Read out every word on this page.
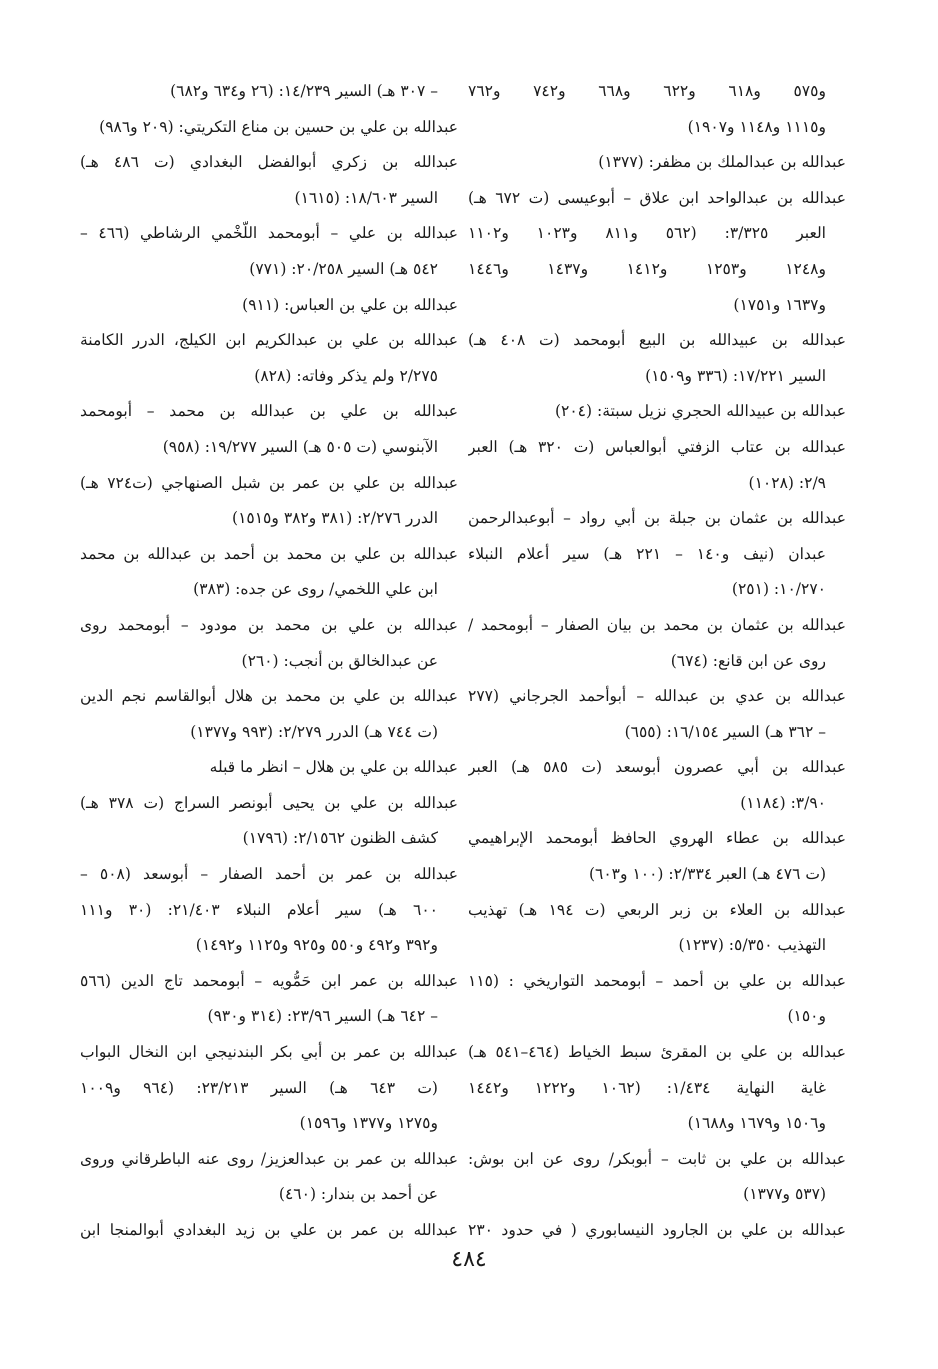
و٥٧٥ و٦١٨ و٦٢٢ و٦٦٨ و٧٤٢ و٧٦٢
و١١١٥ و١١٤٨ و١٩٠٧)
عبدالله بن عبدالملك بن مظفر: (١٣٧٧)
عبدالله بن عبدالواحد ابن علاق – أبوعيسى (ت ٦٧٢ هـ)
العبر ٣/٣٢٥: (٥٦٢ و٨١١ و١٠٢٣ و١١٠٢
و١٢٤٨ و١٢٥٣ و١٤١٢ و١٤٣٧ و١٤٤٦
و١٦٣٧ و١٧٥١)
عبدالله بن عبيدالله بن البيع أبومحمد (ت ٤٠٨ هـ)
السير ١٧/٢٢١: (٣٣٦ و١٥٠٩)
عبدالله بن عبيدالله الحجري نزيل سبتة: (٢٠٤)
عبدالله بن عتاب الزفتي أبوالعباس (ت ٣٢٠ هـ) العبر
٢/٩: (١٠٢٨)
عبدالله بن عثمان بن جبلة بن أبي رواد – أبوعبدالرحمن
عبدان (نيف و١٤٠ – ٢٢١ هـ) سير أعلام النبلاء
١٠/٢٧٠: (٢٥١)
عبدالله بن عثمان بن محمد بن بيان الصفار – أبومحمد /
روى عن ابن قانع: (٦٧٤)
عبدالله بن عدي بن عبدالله – أبوأحمد الجرجاني (٢٧٧
– ٣٦٢ هـ) السير ١٦/١٥٤: (٦٥٥)
عبدالله بن أبي عصرون أبوسعد (ت ٥٨٥ هـ) العبر
٣/٩٠: (١١٨٤)
عبدالله بن عطاء الهروي الحافظ أبومحمد الإبراهيمي
(ت ٤٧٦ هـ) العبر ٢/٣٣٤: (١٠٠ و٦٠٣)
عبدالله بن العلاء بن زبر الربعي (ت ١٩٤ هـ) تهذيب
التهذيب ٥/٣٥٠: (١٢٣٧)
عبدالله بن علي بن أحمد – أبومحمد التواريخي : (١١٥
و١٥٠)
عبدالله بن علي بن المقرئ سبط الخياط (٤٦٤–٥٤١ هـ)
غاية النهاية ١/٤٣٤: (١٠٦٢ و١٢٢٢ و١٤٤٢
و١٥٠٦ و١٦٧٩ و١٦٨٨)
عبدالله بن علي بن ثابت – أبوبكر/ روى عن ابن بوش:
(٥٣٧ و١٣٧٧)
عبدالله بن علي بن الجارود النيسابوري ( في حدود ٢٣٠
– ٣٠٧ هـ) السير ١٤/٢٣٩: (٢٦ و٦٣٤ و٦٨٢)
عبدالله بن علي بن حسين بن مناع التكريتي: (٢٠٩ و٩٨٦)
عبدالله بن زكري أبوالفضل البغدادي (ت ٤٨٦ هـ)
السير ١٨/٦٠٣: (١٦١٥)
عبدالله بن علي – أبومحمد اللّخْمي الرشاطي (٤٦٦ –
٥٤٢ هـ) السير ٢٠/٢٥٨: (٧٧١)
عبدالله بن علي بن العباس: (٩١١)
عبدالله بن علي بن عبدالكريم ابن الكيلج، الدرر الكامنة
٢/٢٧٥ ولم يذكر وفاته: (٨٢٨)
عبدالله بن علي بن عبدالله بن محمد – أبومحمد
الآبنوسي (ت ٥٠٥ هـ) السير ١٩/٢٧٧: (٩٥٨)
عبدالله بن علي بن عمر بن شبل الصنهاجي (ت٧٢٤ هـ)
الدرر ٢/٢٧٦: (٣٨١ و٣٨٢ و١٥١٥)
عبدالله بن علي بن محمد بن أحمد بن عبدالله بن محمد
ابن علي اللخمي/ روى عن جده: (٣٨٣)
عبدالله بن علي بن محمد بن مودود – أبومحمد روى
عن عبدالخالق بن أنجب: (٢٦٠)
عبدالله بن علي بن محمد بن هلال أبوالقاسم نجم الدين
(ت ٧٤٤ هـ) الدرر ٢/٢٧٩: (٩٩٣ و١٣٧٧)
عبدالله بن علي بن هلال – انظر ما قبله
عبدالله بن علي بن يحيى أبونصر السراج (ت ٣٧٨ هـ)
كشف الظنون ٢/١٥٦٢: (١٧٩٦)
عبدالله بن عمر بن أحمد الصفار – أبوسعد (٥٠٨ –
٦٠٠ هـ) سير أعلام النبلاء ٢١/٤٠٣: (٣٠ و١١١
و٣٩٢ و٤٩٢ و٥٥٠ و٩٢٥ و١١٢٥ و١٤٩٢)
عبدالله بن عمر ابن حَمُّويه – أبومحمد تاج الدين (٥٦٦
– ٦٤٢ هـ) السير ٢٣/٩٦: (٣١٤ و٩٣٠)
عبدالله بن عمر بن أبي بكر البندنيجي ابن النخال البواب
(ت ٦٤٣ هـ) السير ٢٣/٢١٣: (٩٦٤ و١٠٠٩
و١٢٧٥ و١٣٧٧ و١٥٩٦)
عبدالله بن عمر بن عبدالعزيز/ روى عنه الباطرقاني وروى
عن أحمد بن بندار: (٤٦٠)
عبدالله بن عمر بن علي بن زيد البغدادي أبوالمنجا ابن
٤٨٤
